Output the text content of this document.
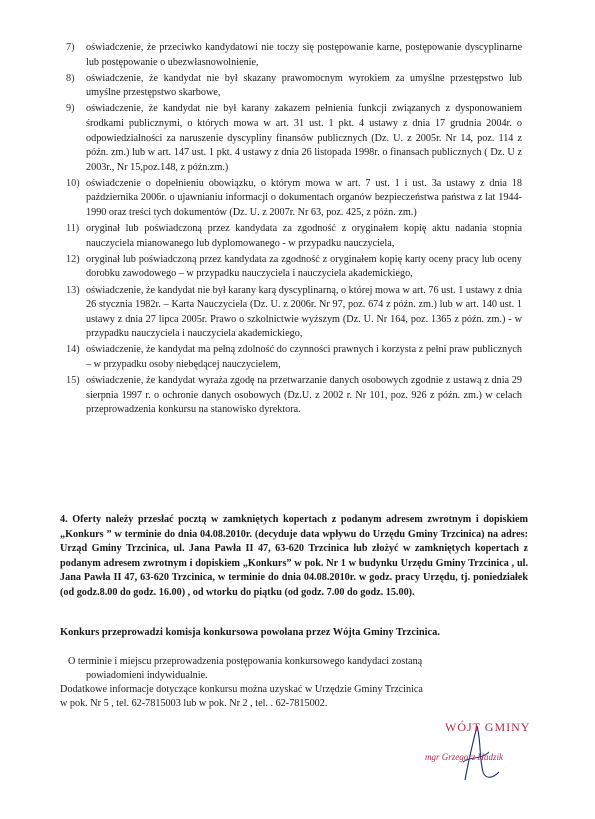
7)	oświadczenie, że przeciwko kandydatowi nie toczy się postępowanie karne, postępowanie dyscyplinarne lub postępowanie o ubezwłasnowolnienie,
8)	oświadczenie, że kandydat nie był skazany prawomocnym wyrokiem za umyślne przestępstwo lub umyślne przestępstwo skarbowe,
9)	oświadczenie, że kandydat nie był karany zakazem pełnienia funkcji związanych z dysponowaniem środkami publicznymi, o których mowa w art. 31 ust. 1 pkt. 4 ustawy z dnia 17 grudnia 2004r. o odpowiedzialności za naruszenie dyscypliny finansów publicznych (Dz. U. z 2005r. Nr 14, poz. 114 z późn. zm.) lub w art. 147 ust. 1 pkt. 4 ustawy z dnia 26 listopada 1998r. o finansach publicznych ( Dz. U z 2003r., Nr 15,poz.148, z późn.zm.)
10) oświadczenie o dopełnieniu obowiązku, o którym mowa w art. 7 ust. 1 i ust. 3a ustawy z dnia 18 października 2006r. o ujawnianiu informacji o dokumentach organów bezpieczeństwa państwa z lat 1944-1990 oraz treści tych dokumentów (Dz. U. z 2007r. Nr 63, poz. 425, z późn. zm.)
11) oryginał lub poświadczoną przez kandydata za zgodność z oryginałem kopię aktu nadania stopnia nauczyciela mianowanego lub dyplomowanego - w przypadku nauczyciela,
12) oryginał lub poświadczoną przez kandydata za zgodność z oryginałem kopię karty oceny pracy lub oceny dorobku zawodowego – w przypadku nauczyciela i nauczyciela akademickiego,
13) oświadczenie, że kandydat nie był karany karą dyscyplinarną, o której mowa w art. 76 ust. 1 ustawy z dnia 26 stycznia 1982r. – Karta Nauczyciela (Dz. U. z 2006r. Nr 97, poz. 674 z późn. zm.) lub w art. 140 ust. 1 ustawy z dnia 27 lipca 2005r. Prawo o szkolnictwie wyższym (Dz. U. Nr 164, poz. 1365 z późn. zm.) - w przypadku nauczyciela i nauczyciela akademickiego,
14) oświadczenie, że kandydat ma pełną zdolność do czynności prawnych i korzysta z pełni praw publicznych – w przypadku osoby niebędącej nauczycielem,
15) oświadczenie, że kandydat wyraża zgodę na przetwarzanie danych osobowych zgodnie z ustawą z dnia 29 sierpnia 1997 r. o ochronie danych osobowych (Dz.U. z 2002 r. Nr 101, poz. 926 z późn. zm.) w celach przeprowadzenia konkursu na stanowisko dyrektora.
4. Oferty należy przesłać pocztą w zamkniętych kopertach z podanym adresem zwrotnym i dopiskiem „Konkurs ” w terminie do dnia 04.08.2010r. (decyduje data wpływu do Urzędu Gminy Trzcinica) na adres: Urząd Gminy Trzcinica, ul. Jana Pawła II 47, 63-620 Trzcinica lub złożyć w zamkniętych kopertach z podanym adresem zwrotnym i dopiskiem „Konkurs” w pok. Nr 1 w budynku Urzędu Gminy Trzcinica , ul. Jana Pawła II 47, 63-620 Trzcinica, w terminie do dnia 04.08.2010r. w godz. pracy Urzędu, tj. poniedziałek (od godz.8.00 do godz. 16.00) , od wtorku do piątku (od godz. 7.00 do godz. 15.00).
Konkurs przeprowadzi komisja konkursowa powołana przez Wójta Gminy Trzcinica.
O terminie i miejscu przeprowadzenia postępowania konkursowego kandydaci zostaną
powiadomieni indywidualnie.
Dodatkowe informacje dotyczące konkursu można uzyskać w Urzędzie Gminy Trzcinica
w pok. Nr 5 , tel. 62-7815003 lub w pok. Nr 2 , tel. . 62-7815002.
WÓJT GMINY
mgr Grzegorz Hadzik
